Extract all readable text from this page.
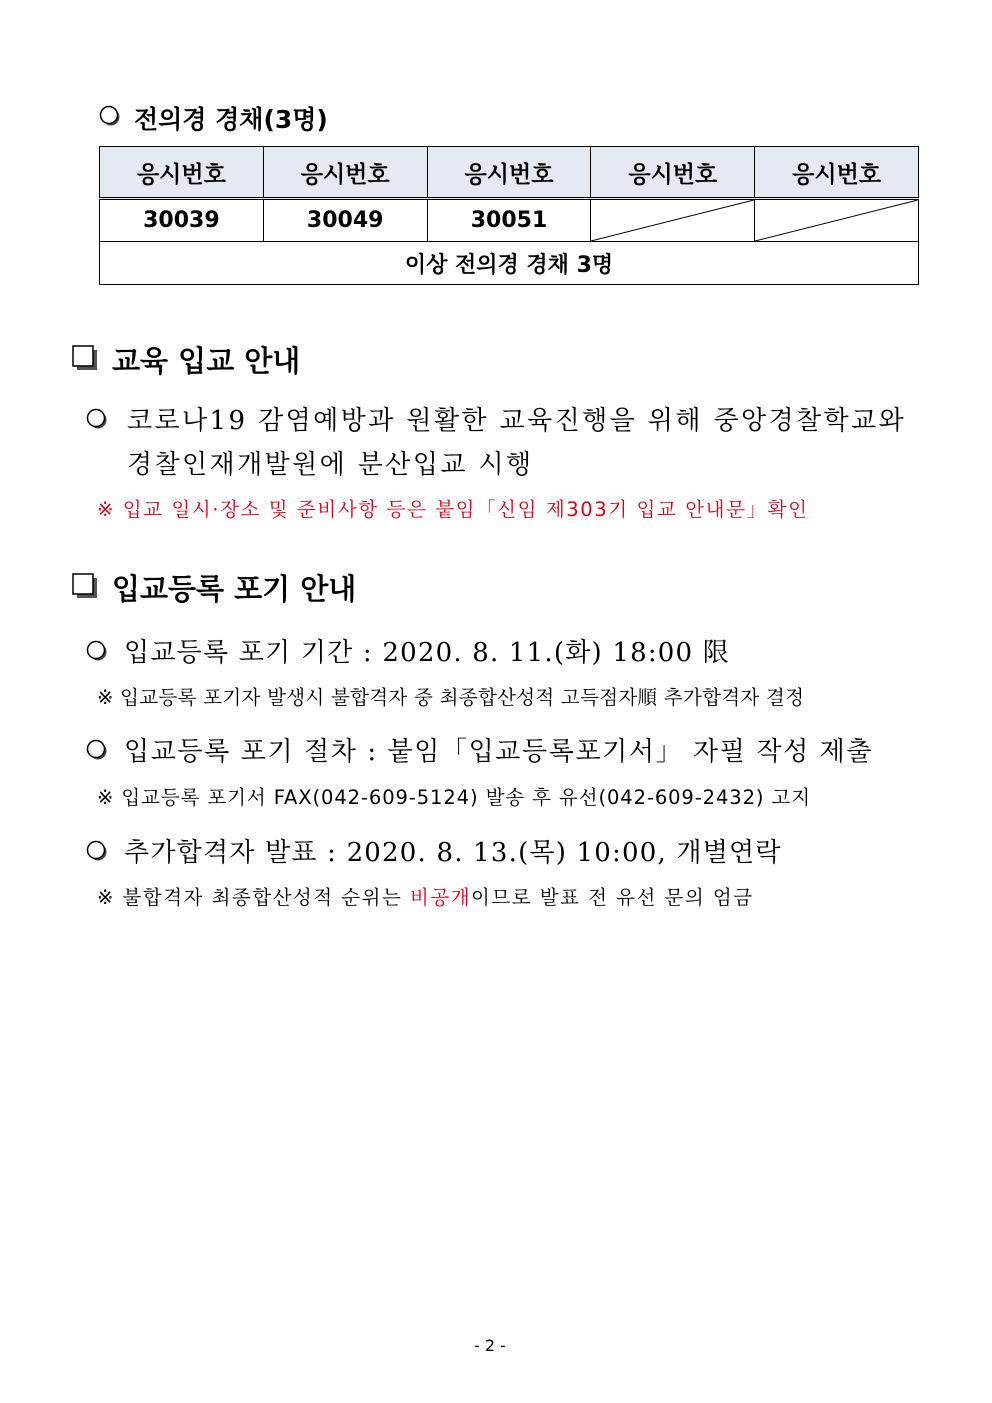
전의경 경채(3명)
응시번호	응시번호	응시번호	응시번호	응시번호
30039	30049	30051	

이상 전의경 경채 3명				
교육 입교 안내
코로나19 감염예방과 원활한 교육진행을 위해 중앙경찰학교와
경찰인재개발원에 분산입교 시행
※ 입교 일시·장소 및 준비사항 등은 붙임「신임 제303기 입교 안내문」확인
입교등록 포기 안내
입교등록 포기 기간 : 2020. 8. 11.(화) 18:00 限
※ 입교등록 포기자 발생시 불합격자 중 최종합산성적 고득점자順 추가합격자 결정
입교등록 포기 절차 : 붙임「입교등록포기서」 자필 작성 제출
※ 입교등록 포기서 FAX(042-609-5124) 발송 후 유선(042-609-2432) 고지
추가합격자 발표 : 2020. 8. 13.(목) 10:00, 개별연락
※ 불합격자 최종합산성적 순위는 비공개이므로 발표 전 유선 문의 엄금
- 2 -
